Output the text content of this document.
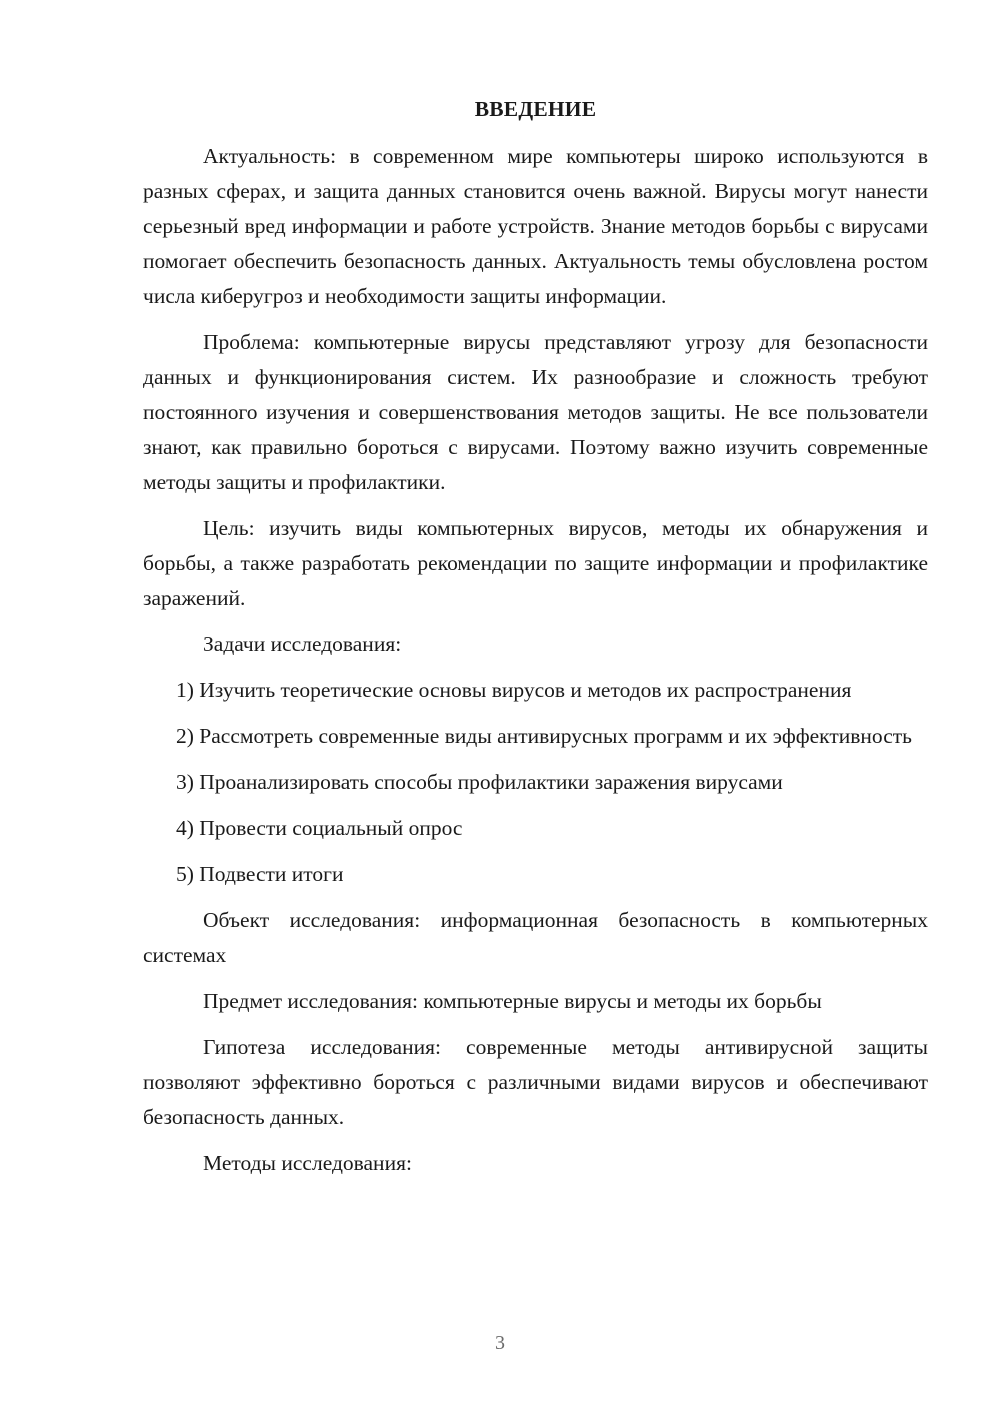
ВВЕДЕНИЕ

Актуальность: в современном мире компьютеры широко используются в разных сферах, и защита данных становится очень важной. Вирусы могут нанести серьезный вред информации и работе устройств. Знание методов борьбы с вирусами помогает обеспечить безопасность данных. Актуальность темы обусловлена ростом числа киберугроз и необходимости защиты информации.

Проблема: компьютерные вирусы представляют угрозу для безопасности данных и функционирования систем. Их разнообразие и сложность требуют постоянного изучения и совершенствования методов защиты. Не все пользователи знают, как правильно бороться с вирусами. Поэтому важно изучить современные методы защиты и профилактики.

Цель: изучить виды компьютерных вирусов, методы их обнаружения и борьбы, а также разработать рекомендации по защите информации и профилактике заражений.

Задачи исследования:

1) Изучить теоретические основы вирусов и методов их распространения

2) Рассмотреть современные виды антивирусных программ и их эффективность

3) Проанализировать способы профилактики заражения вирусами

4) Провести социальный опрос

5) Подвести итоги

Объект исследования: информационная безопасность в компьютерных системах

Предмет исследования: компьютерные вирусы и методы их борьбы

Гипотеза исследования: современные методы антивирусной защиты позволяют эффективно бороться с различными видами вирусов и обеспечивают безопасность данных.

Методы исследования:

3
